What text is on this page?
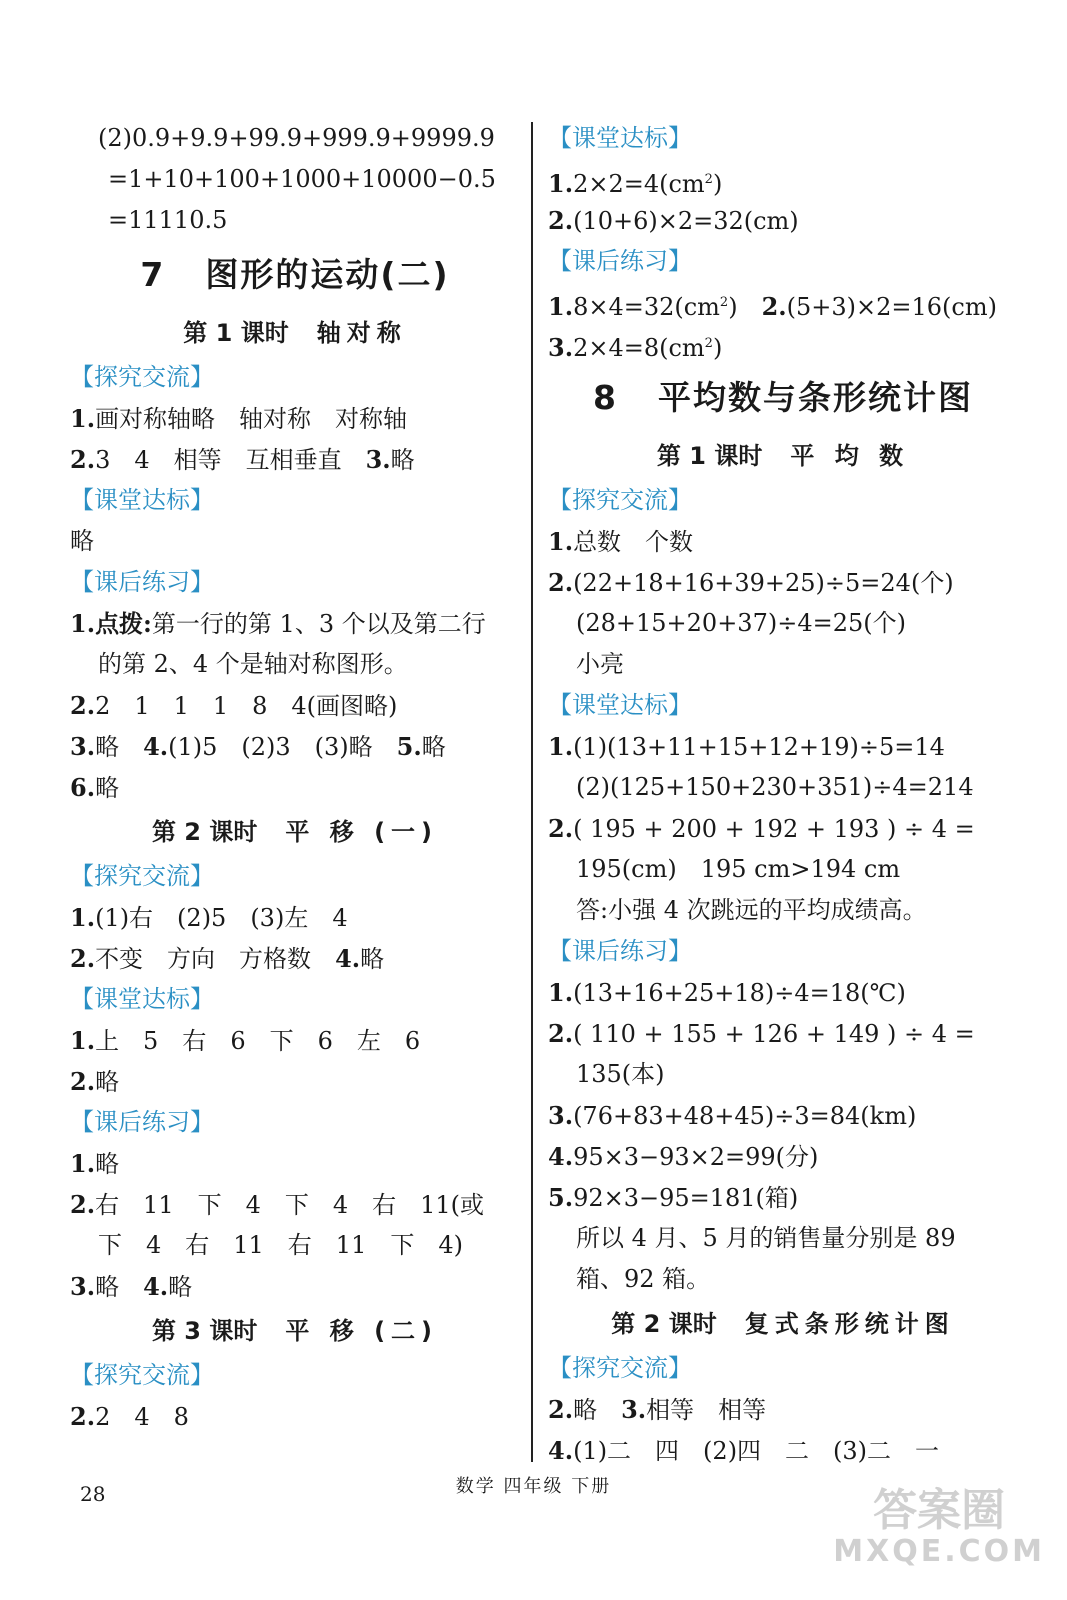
(2)0.9+9.9+99.9+999.9+9999.9
=1+10+100+1000+10000−0.5
=11110.5
7 图形的运动(二)
第 1 课时 轴对称
【探究交流】
1.画对称轴略　轴对称　对称轴
2.3　4　相等　互相垂直　3.略
【课堂达标】
略
【课后练习】
1.点拨:第一行的第 1、3 个以及第二行
的第 2、4 个是轴对称图形。
2.2　1　1　1　8　4(画图略)
3.略　4.(1)5　(2)3　(3)略　5.略
6.略
第 2 课时 平 移 (一)
【探究交流】
1.(1)右　(2)5　(3)左　4
2.不变　方向　方格数　4.略
【课堂达标】
1.上　5　右　6　下　6　左　6
2.略
【课后练习】
1.略
2.右　11　下　4　下　4　右　11(或
下　4　右　11　右　11　下　4)
3.略　4.略
第 3 课时 平 移 (二)
【探究交流】
2.2　4　8
【课堂达标】
$1.2\times 2=4(cm^2)$
2.(10+6)×2=32(cm)
【课后练习】
$1.8\times 4=32(cm^2)$　2.(5+3)×2=16(cm)
$3.2\times 4=8(cm^2)$
8 平均数与条形统计图
第 1 课时 平 均 数
【探究交流】
1.总数　个数
2.(22+18+16+39+25)÷5=24(个)
(28+15+20+37)÷4=25(个)
小亮
【课堂达标】
1.(1)(13+11+15+12+19)÷5=14
(2)(125+150+230+351)÷4=214
2.( 195 + 200 + 192 + 193 ) ÷ 4 =
195(cm)　195 cm>194 cm
答:小强 4 次跳远的平均成绩高。
【课后练习】
1.(13+16+25+18)÷4=18(℃)
2.( 110 + 155 + 126 + 149 ) ÷ 4 =
135(本)
3.(76+83+48+45)÷3=84(km)
4.95×3−93×2=99(分)
5.92×3−95=181(箱)
所以 4 月、5 月的销售量分别是 89
箱、92 箱。
第 2 课时 复式条形统计图
【探究交流】
2.略　3.相等　相等
4.(1)二　四　(2)四　二　(3)二　一
28	数学 四年级 下册	答案圈
MXQE.COM
